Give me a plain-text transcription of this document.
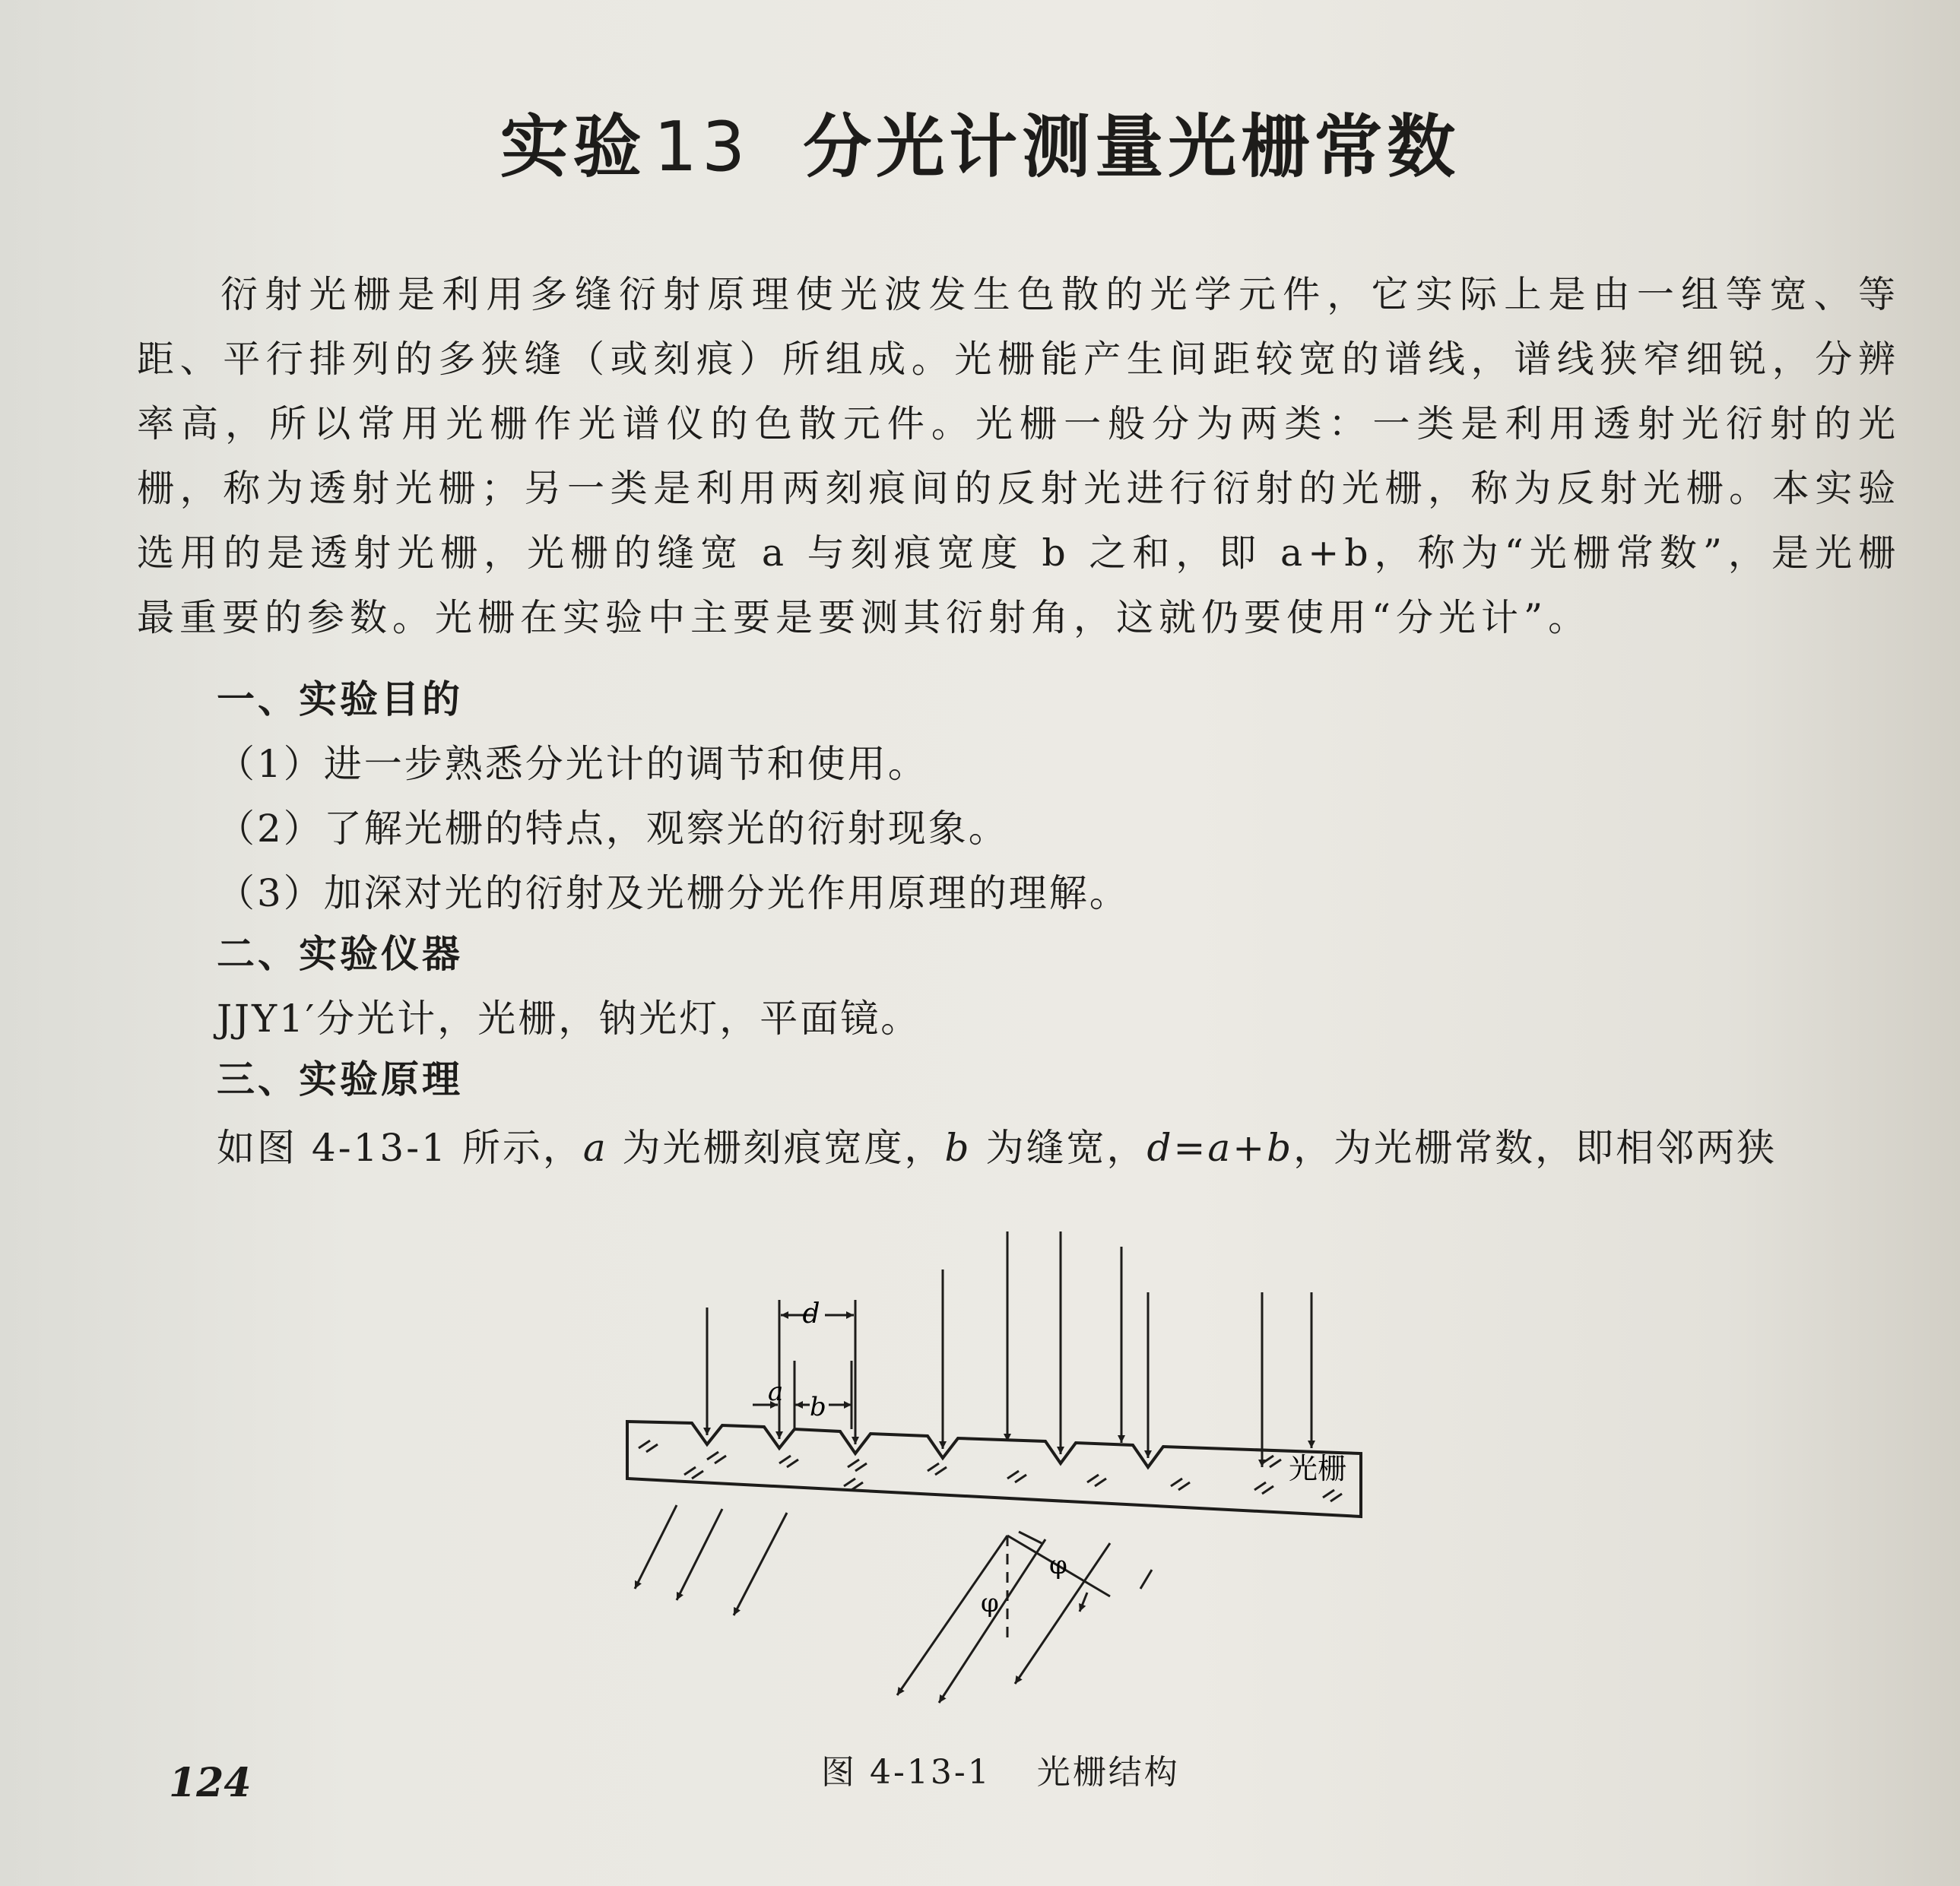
实验 13 分光计测量光栅常数
衍射光栅是利用多缝衍射原理使光波发生色散的光学元件，它实际上是由一组等宽、等距、平行排列的多狭缝（或刻痕）所组成。光栅能产生间距较宽的谱线，谱线狭窄细锐，分辨率高，所以常用光栅作光谱仪的色散元件。光栅一般分为两类：一类是利用透射光衍射的光栅，称为透射光栅；另一类是利用两刻痕间的反射光进行衍射的光栅，称为反射光栅。本实验选用的是透射光栅，光栅的缝宽 a 与刻痕宽度 b 之和，即 a+b，称为“光栅常数”，是光栅最重要的参数。光栅在实验中主要是要测其衍射角，这就仍要使用“分光计”。
一、实验目的
（1）进一步熟悉分光计的调节和使用。
（2）了解光栅的特点，观察光的衍射现象。
（3）加深对光的衍射及光栅分光作用原理的理解。
二、实验仪器
JJY1′分光计，光栅，钠光灯，平面镜。
三、实验原理
如图 4-13-1 所示，a 为光栅刻痕宽度，b 为缝宽，d=a+b，为光栅常数，即相邻两狭
d
a b
光栅
φ
φ
图 4-13-1 光栅结构
124
